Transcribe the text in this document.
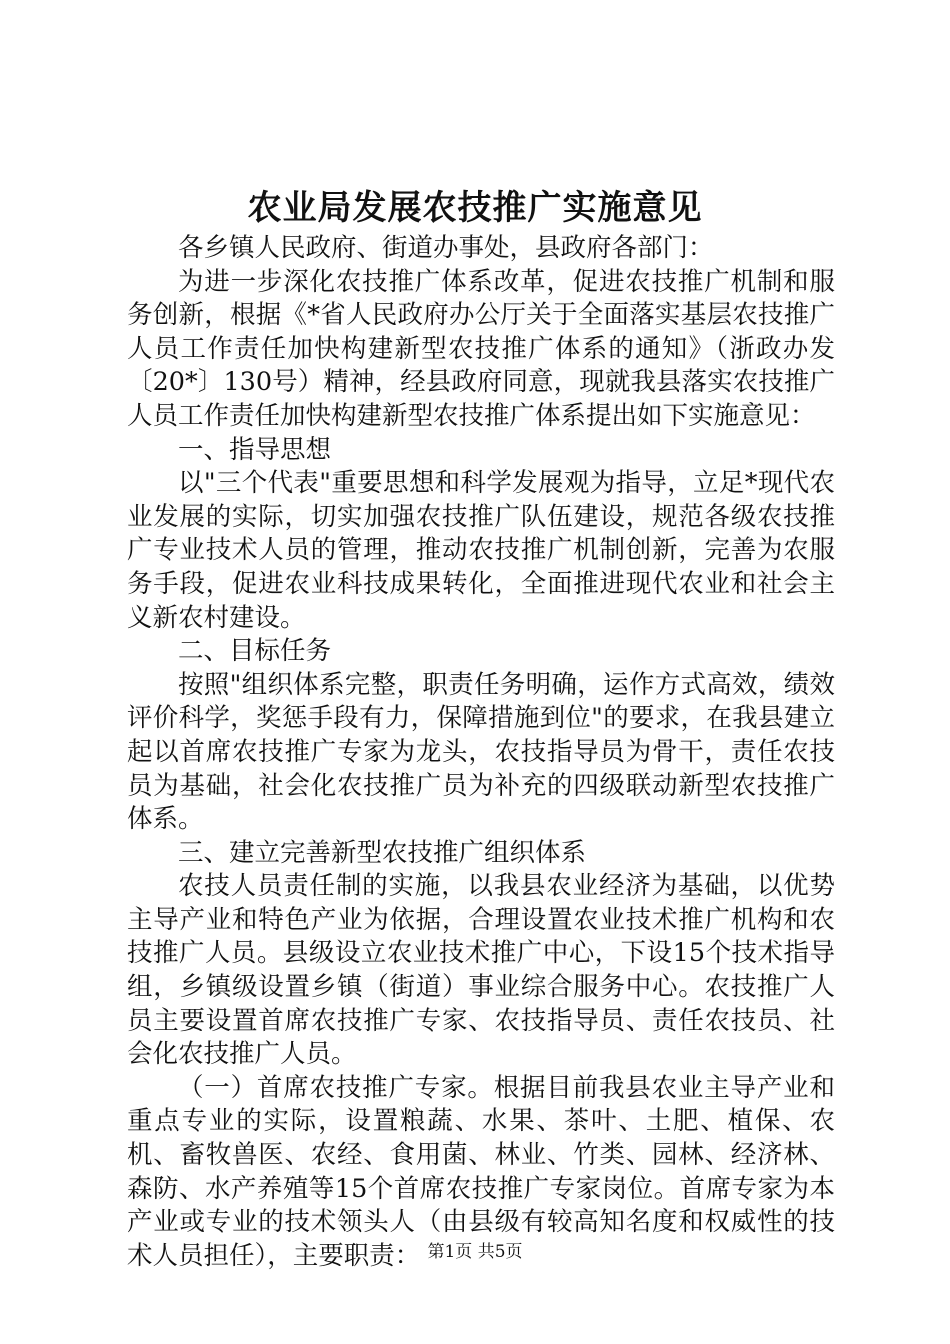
农业局发展农技推广实施意见

各乡镇人民政府、街道办事处，县政府各部门：

为进一步深化农技推广体系改革，促进农技推广机制和服务创新，根据《*省人民政府办公厅关于全面落实基层农技推广人员工作责任加快构建新型农技推广体系的通知》（浙政办发〔20*〕130号）精神，经县政府同意，现就我县落实农技推广人员工作责任加快构建新型农技推广体系提出如下实施意见：

一、指导思想

以"三个代表"重要思想和科学发展观为指导，立足*现代农业发展的实际，切实加强农技推广队伍建设，规范各级农技推广专业技术人员的管理，推动农技推广机制创新，完善为农服务手段，促进农业科技成果转化，全面推进现代农业和社会主义新农村建设。

二、目标任务

按照"组织体系完整，职责任务明确，运作方式高效，绩效评价科学，奖惩手段有力，保障措施到位"的要求，在我县建立起以首席农技推广专家为龙头，农技指导员为骨干，责任农技员为基础，社会化农技推广员为补充的四级联动新型农技推广体系。

三、建立完善新型农技推广组织体系

农技人员责任制的实施，以我县农业经济为基础，以优势主导产业和特色产业为依据，合理设置农业技术推广机构和农技推广人员。县级设立农业技术推广中心，下设15个技术指导组，乡镇级设置乡镇（街道）事业综合服务中心。农技推广人员主要设置首席农技推广专家、农技指导员、责任农技员、社会化农技推广人员。

（一）首席农技推广专家。根据目前我县农业主导产业和重点专业的实际，设置粮蔬、水果、茶叶、土肥、植保、农机、畜牧兽医、农经、食用菌、林业、竹类、园林、经济林、森防、水产养殖等15个首席农技推广专家岗位。首席专家为本产业或专业的技术领头人（由县级有较高知名度和权威性的技术人员担任），主要职责： 第1页 共5页
